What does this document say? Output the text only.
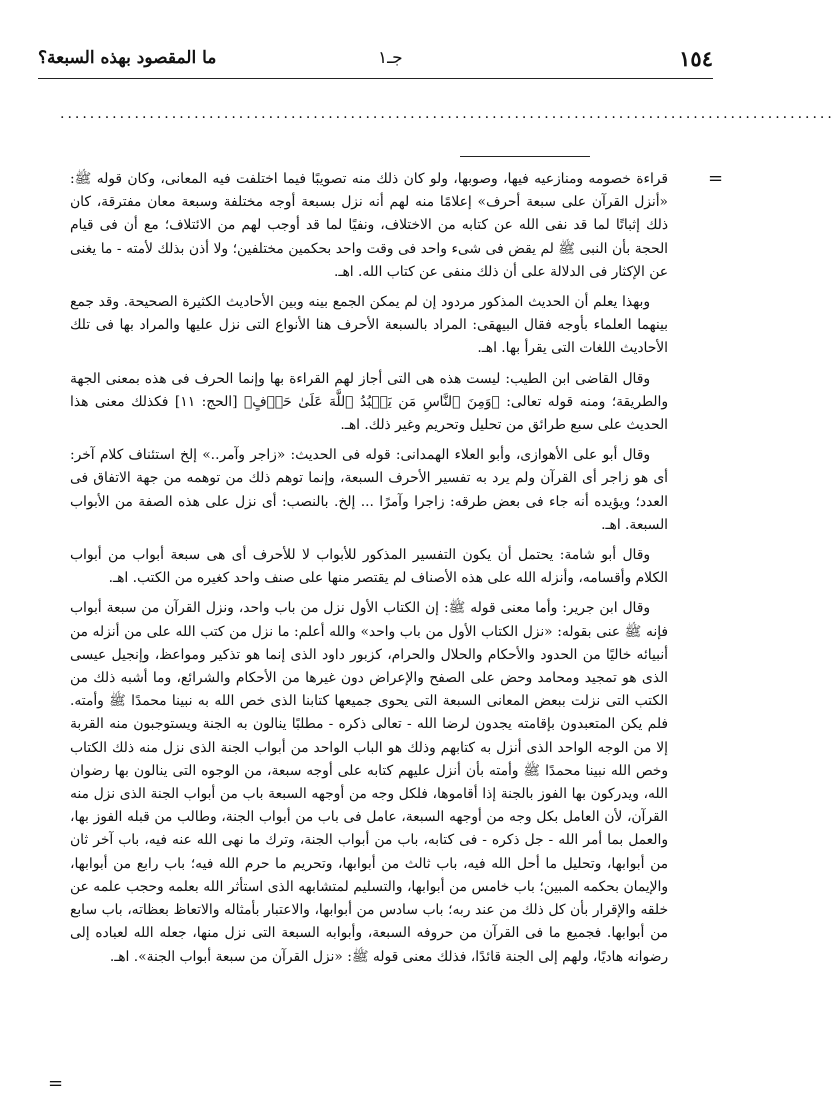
١٥٤
جـ١
ما المقصود بهذه السبعة؟
........................................................................................................
=
=

قراءة خصومه ومنازعيه فيها، وصوبها، ولو كان ذلك منه تصويبًا فيما اختلفت فيه المعانى، وكان قوله ﷺ: «أنزل القرآن على سبعة أحرف» إعلامًا منه لهم أنه نزل بسبعة أوجه مختلفة وسبعة معان مفترقة، كان ذلك إثباتًا لما قد نفى الله عن كتابه من الاختلاف، ونفيًا لما قد أوجب لهم من الائتلاف؛ مع أن فى قيام الحجة بأن النبى ﷺ لم يقض فى شىء واحد فى وقت واحد بحكمين مختلفين؛ ولا أذن بذلك لأمته - ما يغنى عن الإكثار فى الدلالة على أن ذلك منفى عن كتاب الله. اهـ.

وبهذا يعلم أن الحديث المذكور مردود إن لم يمكن الجمع بينه وبين الأحاديث الكثيرة الصحيحة. وقد جمع بينهما العلماء بأوجه فقال البيهقى: المراد بالسبعة الأحرف هنا الأنواع التى نزل عليها والمراد بها فى تلك الأحاديث اللغات التى يقرأ بها. اهـ.

وقال القاضى ابن الطيب: ليست هذه هى التى أجاز لهم القراءة بها وإنما الحرف فى هذه بمعنى الجهة والطريقة؛ ومنه قوله تعالى: ﴿وَمِنَ ٱلنَّاسِ مَن يَعۡبُدُ ٱللَّهَ عَلَىٰ حَرۡفٍ﴾ [الحج: ١١] فكذلك معنى هذا الحديث على سبع طرائق من تحليل وتحريم وغير ذلك. اهـ.

وقال أبو على الأهوازى، وأبو العلاء الهمدانى: قوله فى الحديث: «زاجر وآمر..» إلخ استئناف كلام آخر: أى هو زاجر أى القرآن ولم يرد به تفسير الأحرف السبعة، وإنما توهم ذلك من توهمه من جهة الاتفاق فى العدد؛ ويؤيده أنه جاء فى بعض طرقه: زاجرا وآمرًا ... إلخ. بالنصب: أى نزل على هذه الصفة من الأبواب السبعة. اهـ.

وقال أبو شامة: يحتمل أن يكون التفسير المذكور للأبواب لا للأحرف أى هى سبعة أبواب من أبواب الكلام وأقسامه، وأنزله الله على هذه الأصناف لم يقتصر منها على صنف واحد كغيره من الكتب. اهـ.

وقال ابن جرير: وأما معنى قوله ﷺ: إن الكتاب الأول نزل من باب واحد، ونزل القرآن من سبعة أبواب فإنه ﷺ عنى بقوله: «نزل الكتاب الأول من باب واحد» والله أعلم: ما نزل من كتب الله على من أنزله من أنبيائه خاليًا من الحدود والأحكام والحلال والحرام، كزبور داود الذى إنما هو تذكير ومواعظ، وإنجيل عيسى الذى هو تمجيد ومحامد وحض على الصفح والإعراض دون غيرها من الأحكام والشرائع، وما أشبه ذلك من الكتب التى نزلت ببعض المعانى السبعة التى يحوى جميعها كتابنا الذى خص الله به نبينا محمدًا ﷺ وأمته. فلم يكن المتعبدون بإقامته يجدون لرضا الله - تعالى ذكره - مطلبًا ينالون به الجنة ويستوجبون منه القربة إلا من الوجه الواحد الذى أنزل به كتابهم وذلك هو الباب الواحد من أبواب الجنة الذى نزل منه ذلك الكتاب وخص الله نبينا محمدًا ﷺ وأمته بأن أنزل عليهم كتابه على أوجه سبعة، من الوجوه التى ينالون بها رضوان الله، ويدركون بها الفوز بالجنة إذا أقاموها، فلكل وجه من أوجهه السبعة باب من أبواب الجنة الذى نزل منه القرآن، لأن العامل بكل وجه من أوجهه السبعة، عامل فى باب من أبواب الجنة، وطالب من قبله الفوز بها، والعمل بما أمر الله - جل ذكره - فى كتابه، باب من أبواب الجنة، وترك ما نهى الله عنه فيه، باب آخر ثان من أبوابها، وتحليل ما أحل الله فيه، باب ثالث من أبوابها، وتحريم ما حرم الله فيه؛ باب رابع من أبوابها، والإيمان بحكمه المبين؛ باب خامس من أبوابها، والتسليم لمتشابهه الذى استأثر الله بعلمه وحجب علمه عن خلقه والإقرار بأن كل ذلك من عند ربه؛ باب سادس من أبوابها، والاعتبار بأمثاله والاتعاظ بعظاته، باب سابع من أبوابها. فجميع ما فى القرآن من حروفه السبعة، وأبوابه السبعة التى نزل منها، جعله الله لعباده إلى رضوانه هاديًا، ولهم إلى الجنة قائدًا، فذلك معنى قوله ﷺ: «نزل القرآن من سبعة أبواب الجنة». اهـ.
